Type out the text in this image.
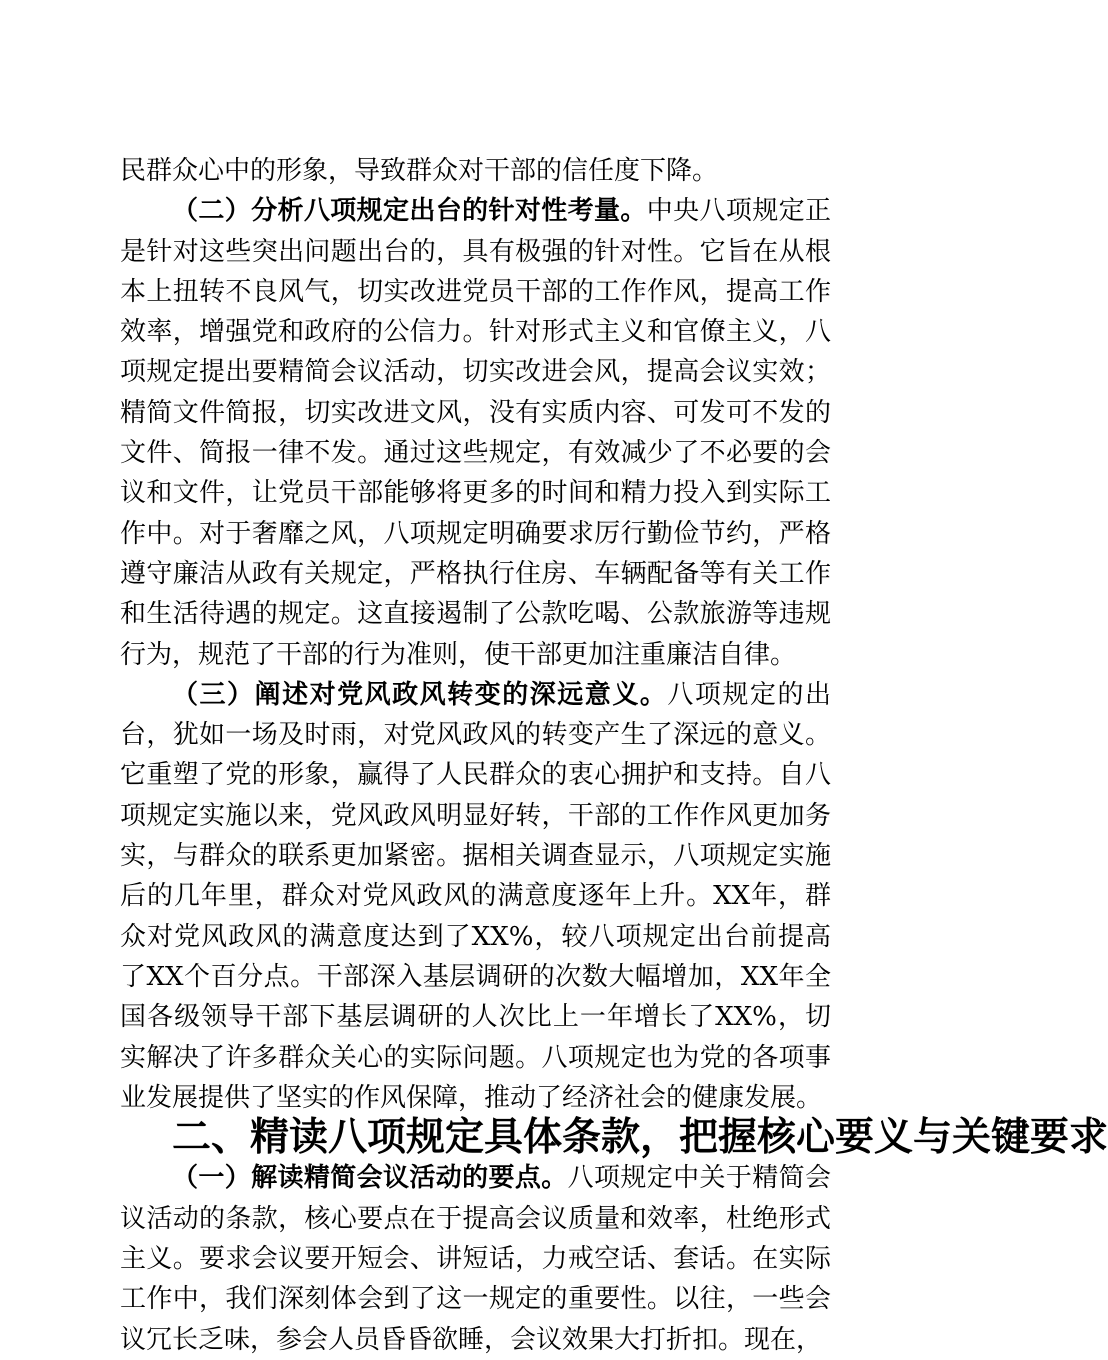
民群众心中的形象，导致群众对干部的信任度下降。

（二）分析八项规定出台的针对性考量。中央八项规定正是针对这些突出问题出台的，具有极强的针对性。它旨在从根本上扭转不良风气，切实改进党员干部的工作作风，提高工作效率，增强党和政府的公信力。针对形式主义和官僚主义，八项规定提出要精简会议活动，切实改进会风，提高会议实效；精简文件简报，切实改进文风，没有实质内容、可发可不发的文件、简报一律不发。通过这些规定，有效减少了不必要的会议和文件，让党员干部能够将更多的时间和精力投入到实际工作中。对于奢靡之风，八项规定明确要求厉行勤俭节约，严格遵守廉洁从政有关规定，严格执行住房、车辆配备等有关工作和生活待遇的规定。这直接遏制了公款吃喝、公款旅游等违规行为，规范了干部的行为准则，使干部更加注重廉洁自律。

（三）阐述对党风政风转变的深远意义。八项规定的出台，犹如一场及时雨，对党风政风的转变产生了深远的意义。它重塑了党的形象，赢得了人民群众的衷心拥护和支持。自八项规定实施以来，党风政风明显好转，干部的工作作风更加务实，与群众的联系更加紧密。据相关调查显示，八项规定实施后的几年里，群众对党风政风的满意度逐年上升。XX年，群众对党风政风的满意度达到了XX%，较八项规定出台前提高了XX个百分点。干部深入基层调研的次数大幅增加，XX年全国各级领导干部下基层调研的人次比上一年增长了XX%，切实解决了许多群众关心的实际问题。八项规定也为党的各项事业发展提供了坚实的作风保障，推动了经济社会的健康发展。

二、精读八项规定具体条款，把握核心要义与关键要求

（一）解读精简会议活动的要点。八项规定中关于精简会议活动的条款，核心要点在于提高会议质量和效率，杜绝形式主义。要求会议要开短会、讲短话，力戒空话、套话。在实际工作中，我们深刻体会到了这一规定的重要性。以往，一些会议冗长乏味，参会人员昏昏欲睡，会议效果大打折扣。现在，
